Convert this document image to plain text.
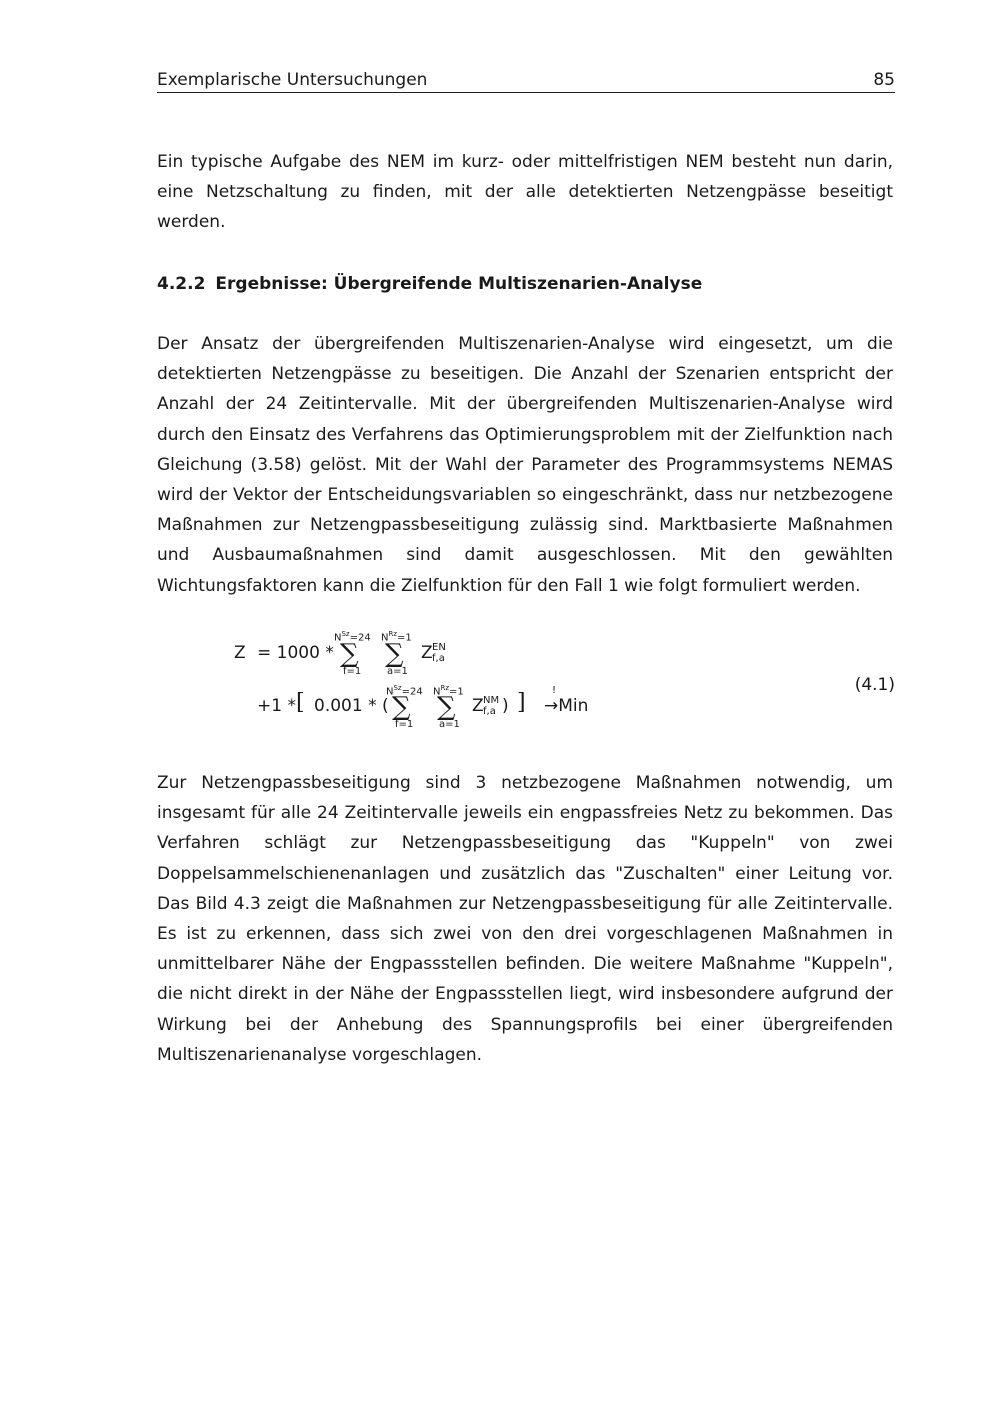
Exemplarische Untersuchungen	85

Ein typische Aufgabe des NEM im kurz- oder mittelfristigen NEM besteht nun darin, eine Netzschaltung zu finden, mit der alle detektierten Netzengpässe beseitigt werden.

4.2.2 Ergebnisse: Übergreifende Multiszenarien-Analyse

Der Ansatz der übergreifenden Multiszenarien-Analyse wird eingesetzt, um die detektierten Netzengpässe zu beseitigen. Die Anzahl der Szenarien entspricht der Anzahl der 24 Zeitintervalle. Mit der übergreifenden Multiszenarien-Analyse wird durch den Einsatz des Verfahrens das Optimierungsproblem mit der Zielfunktion nach Gleichung (3.58) gelöst. Mit der Wahl der Parameter des Programmsystems NEMAS wird der Vektor der Entscheidungsvariablen so eingeschränkt, dass nur netzbezogene Maßnahmen zur Netzengpassbeseitigung zulässig sind. Marktbasierte Maßnahmen und Ausbaumaßnahmen sind damit ausgeschlossen. Mit den gewählten Wichtungsfaktoren kann die Zielfunktion für den Fall 1 wie folgt formuliert werden.

Z = 1000 *
$N^{Sz}=24$
∑
f=1
$N^{Rz}=1$
∑
a=1
Z EN
f,a
+1 * [ 0.001 * (
$N^{Sz}=24$
∑
f=1
$N^{Rz}=1$
∑
a=1
Z NM
f,a ) ]	!
→Min
(4.1)

Zur Netzengpassbeseitigung sind 3 netzbezogene Maßnahmen notwendig, um insgesamt für alle 24 Zeitintervalle jeweils ein engpassfreies Netz zu bekommen. Das Verfahren schlägt zur Netzengpassbeseitigung das "Kuppeln" von zwei Doppelsammelschienenanlagen und zusätzlich das "Zuschalten" einer Leitung vor. Das Bild 4.3 zeigt die Maßnahmen zur Netzengpassbeseitigung für alle Zeitintervalle. Es ist zu erkennen, dass sich zwei von den drei vorgeschlagenen Maßnahmen in unmittelbarer Nähe der Engpassstellen befinden. Die weitere Maßnahme "Kuppeln", die nicht direkt in der Nähe der Engpassstellen liegt, wird insbesondere aufgrund der Wirkung bei der Anhebung des Spannungsprofils bei einer übergreifenden Multiszenarienanalyse vorgeschlagen.
